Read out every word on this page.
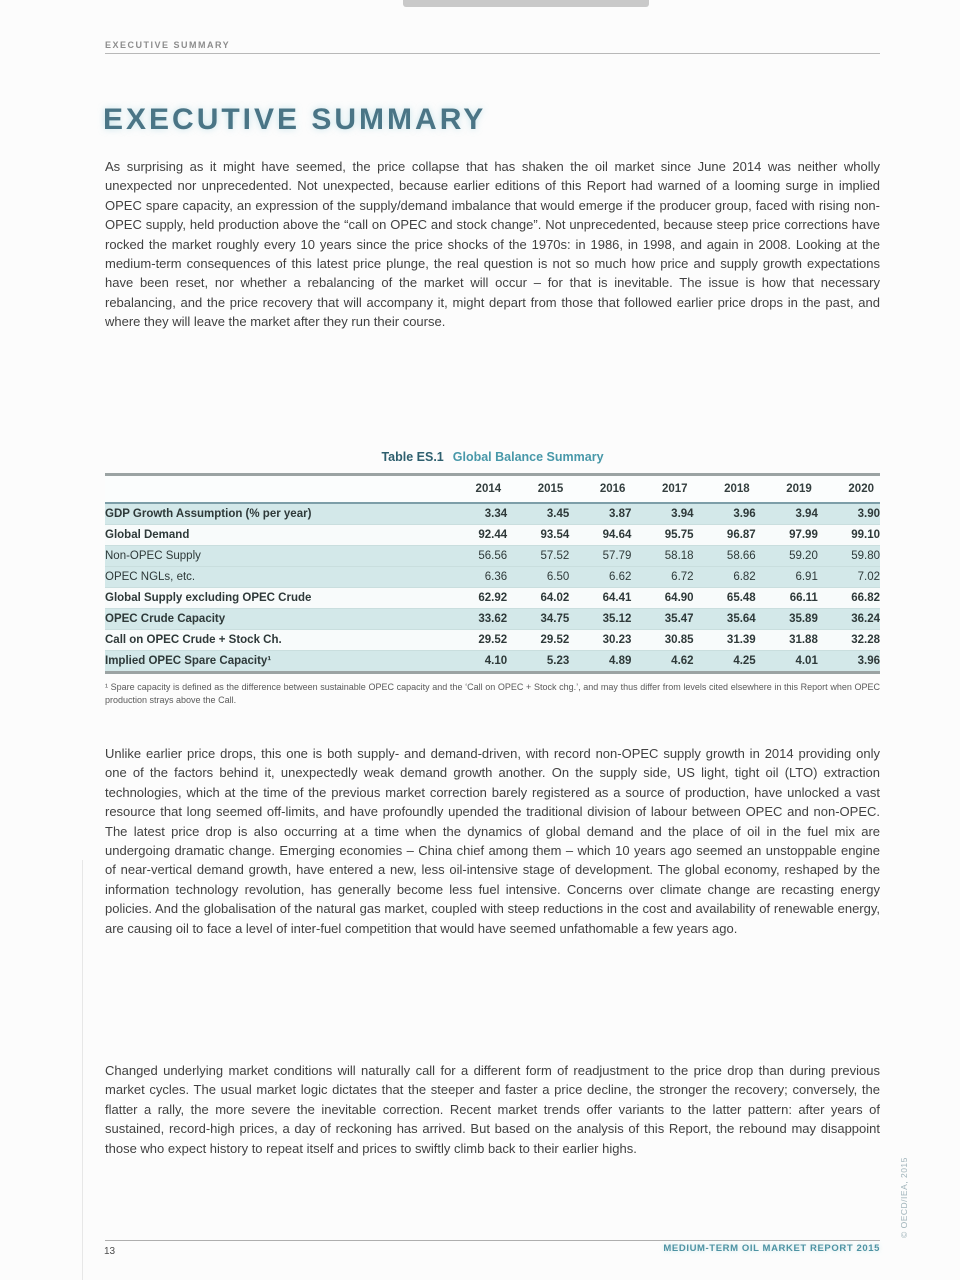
EXECUTIVE SUMMARY
EXECUTIVE SUMMARY

As surprising as it might have seemed, the price collapse that has shaken the oil market since June 2014 was neither wholly unexpected nor unprecedented. Not unexpected, because earlier editions of this Report had warned of a looming surge in implied OPEC spare capacity, an expression of the supply/demand imbalance that would emerge if the producer group, faced with rising non-OPEC supply, held production above the “call on OPEC and stock change”. Not unprecedented, because steep price corrections have rocked the market roughly every 10 years since the price shocks of the 1970s: in 1986, in 1998, and again in 2008. Looking at the medium-term consequences of this latest price plunge, the real question is not so much how price and supply growth expectations have been reset, nor whether a rebalancing of the market will occur – for that is inevitable. The issue is how that necessary rebalancing, and the price recovery that will accompany it, might depart from those that followed earlier price drops in the past, and where they will leave the market after they run their course.

Table ES.1 Global Balance Summary
	2014	2015	2016	2017	2018	2019	2020
GDP Growth Assumption (% per year)	3.34	3.45	3.87	3.94	3.96	3.94	3.90
Global Demand	92.44	93.54	94.64	95.75	96.87	97.99	99.10
Non-OPEC Supply	56.56	57.52	57.79	58.18	58.66	59.20	59.80
OPEC NGLs, etc.	6.36	6.50	6.62	6.72	6.82	6.91	7.02
Global Supply excluding OPEC Crude	62.92	64.02	64.41	64.90	65.48	66.11	66.82
OPEC Crude Capacity	33.62	34.75	35.12	35.47	35.64	35.89	36.24
Call on OPEC Crude + Stock Ch.	29.52	29.52	30.23	30.85	31.39	31.88	32.28
Implied OPEC Spare Capacity¹	4.10	5.23	4.89	4.62	4.25	4.01	3.96
¹ Spare capacity is defined as the difference between sustainable OPEC capacity and the ‘Call on OPEC + Stock chg.’, and may thus differ from levels cited elsewhere in this Report when OPEC production strays above the Call.

Unlike earlier price drops, this one is both supply- and demand-driven, with record non-OPEC supply growth in 2014 providing only one of the factors behind it, unexpectedly weak demand growth another. On the supply side, US light, tight oil (LTO) extraction technologies, which at the time of the previous market correction barely registered as a source of production, have unlocked a vast resource that long seemed off-limits, and have profoundly upended the traditional division of labour between OPEC and non-OPEC. The latest price drop is also occurring at a time when the dynamics of global demand and the place of oil in the fuel mix are undergoing dramatic change. Emerging economies – China chief among them – which 10 years ago seemed an unstoppable engine of near-vertical demand growth, have entered a new, less oil-intensive stage of development. The global economy, reshaped by the information technology revolution, has generally become less fuel intensive. Concerns over climate change are recasting energy policies. And the globalisation of the natural gas market, coupled with steep reductions in the cost and availability of renewable energy, are causing oil to face a level of inter-fuel competition that would have seemed unfathomable a few years ago.

Changed underlying market conditions will naturally call for a different form of readjustment to the price drop than during previous market cycles. The usual market logic dictates that the steeper and faster a price decline, the stronger the recovery; conversely, the flatter a rally, the more severe the inevitable correction. Recent market trends offer variants to the latter pattern: after years of sustained, record-high prices, a day of reckoning has arrived. But based on the analysis of this Report, the rebound may disappoint those who expect history to repeat itself and prices to swiftly climb back to their earlier highs.

13	MEDIUM-TERM OIL MARKET REPORT 2015
© OECD/IEA, 2015
